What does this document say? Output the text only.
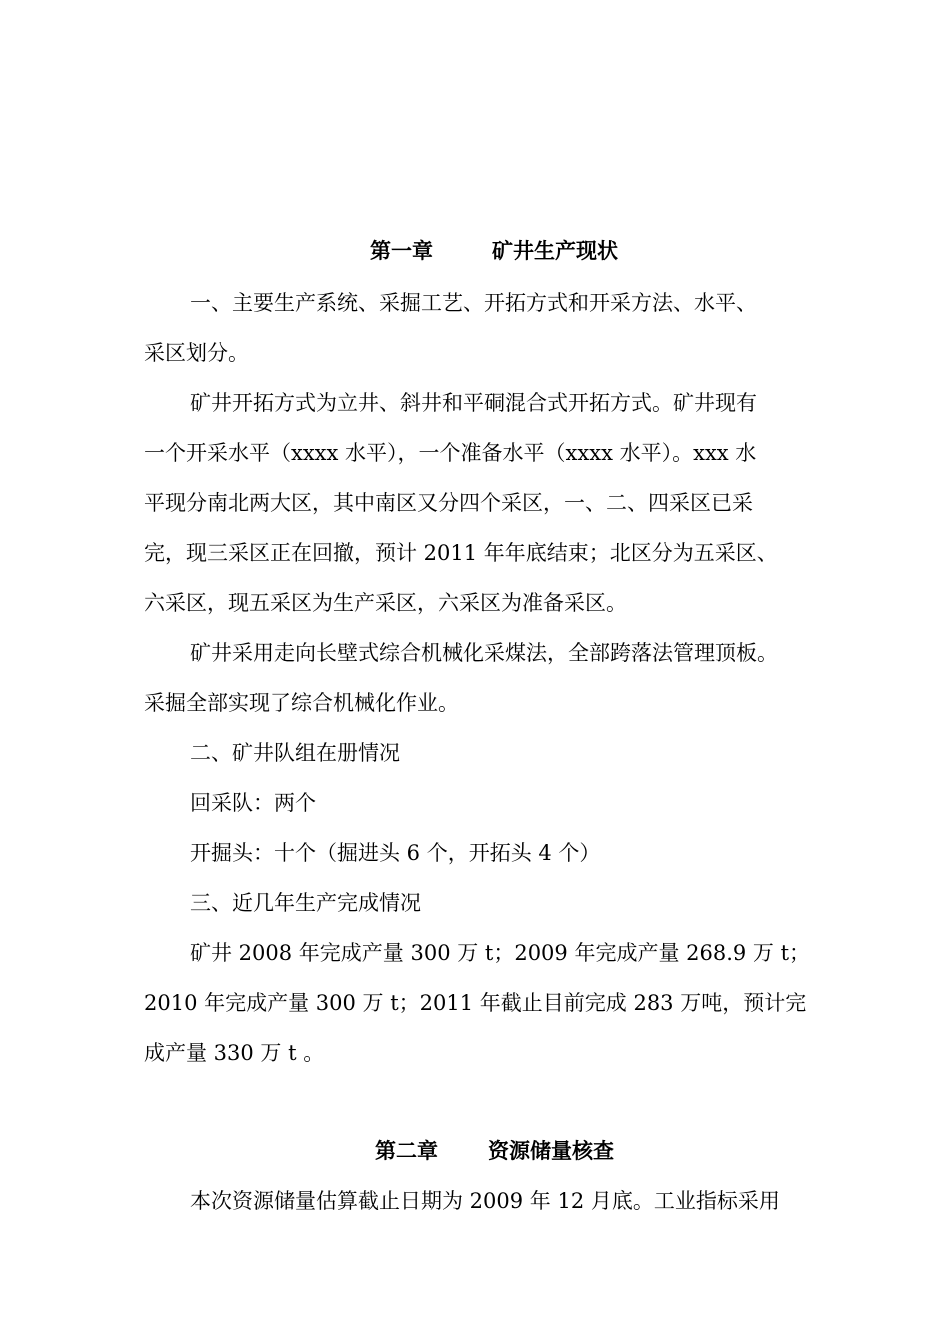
第一章	矿井生产现状
一、主要生产系统、采掘工艺、开拓方式和开采方法、水平、
采区划分。
矿井开拓方式为立井、斜井和平硐混合式开拓方式。矿井现有
一个开采水平（xxxx 水平），一个准备水平（xxxx 水平）。xxx 水
平现分南北两大区，其中南区又分四个采区，一、二、四采区已采
完，现三采区正在回撤，预计 2011 年年底结束；北区分为五采区、
六采区，现五采区为生产采区，六采区为准备采区。
矿井采用走向长壁式综合机械化采煤法，全部跨落法管理顶板。
采掘全部实现了综合机械化作业。
二、矿井队组在册情况
回采队：两个
开掘头：十个（掘进头 6 个，开拓头 4 个）
三、近几年生产完成情况
矿井 2008 年完成产量 300 万 t；2009 年完成产量 268.9 万 t；
2010 年完成产量 300 万 t；2011 年截止目前完成 283 万吨，预计完
成产量 330 万 t 。
第二章 资源储量核查
本次资源储量估算截止日期为 2009 年 12 月底。工业指标采用
